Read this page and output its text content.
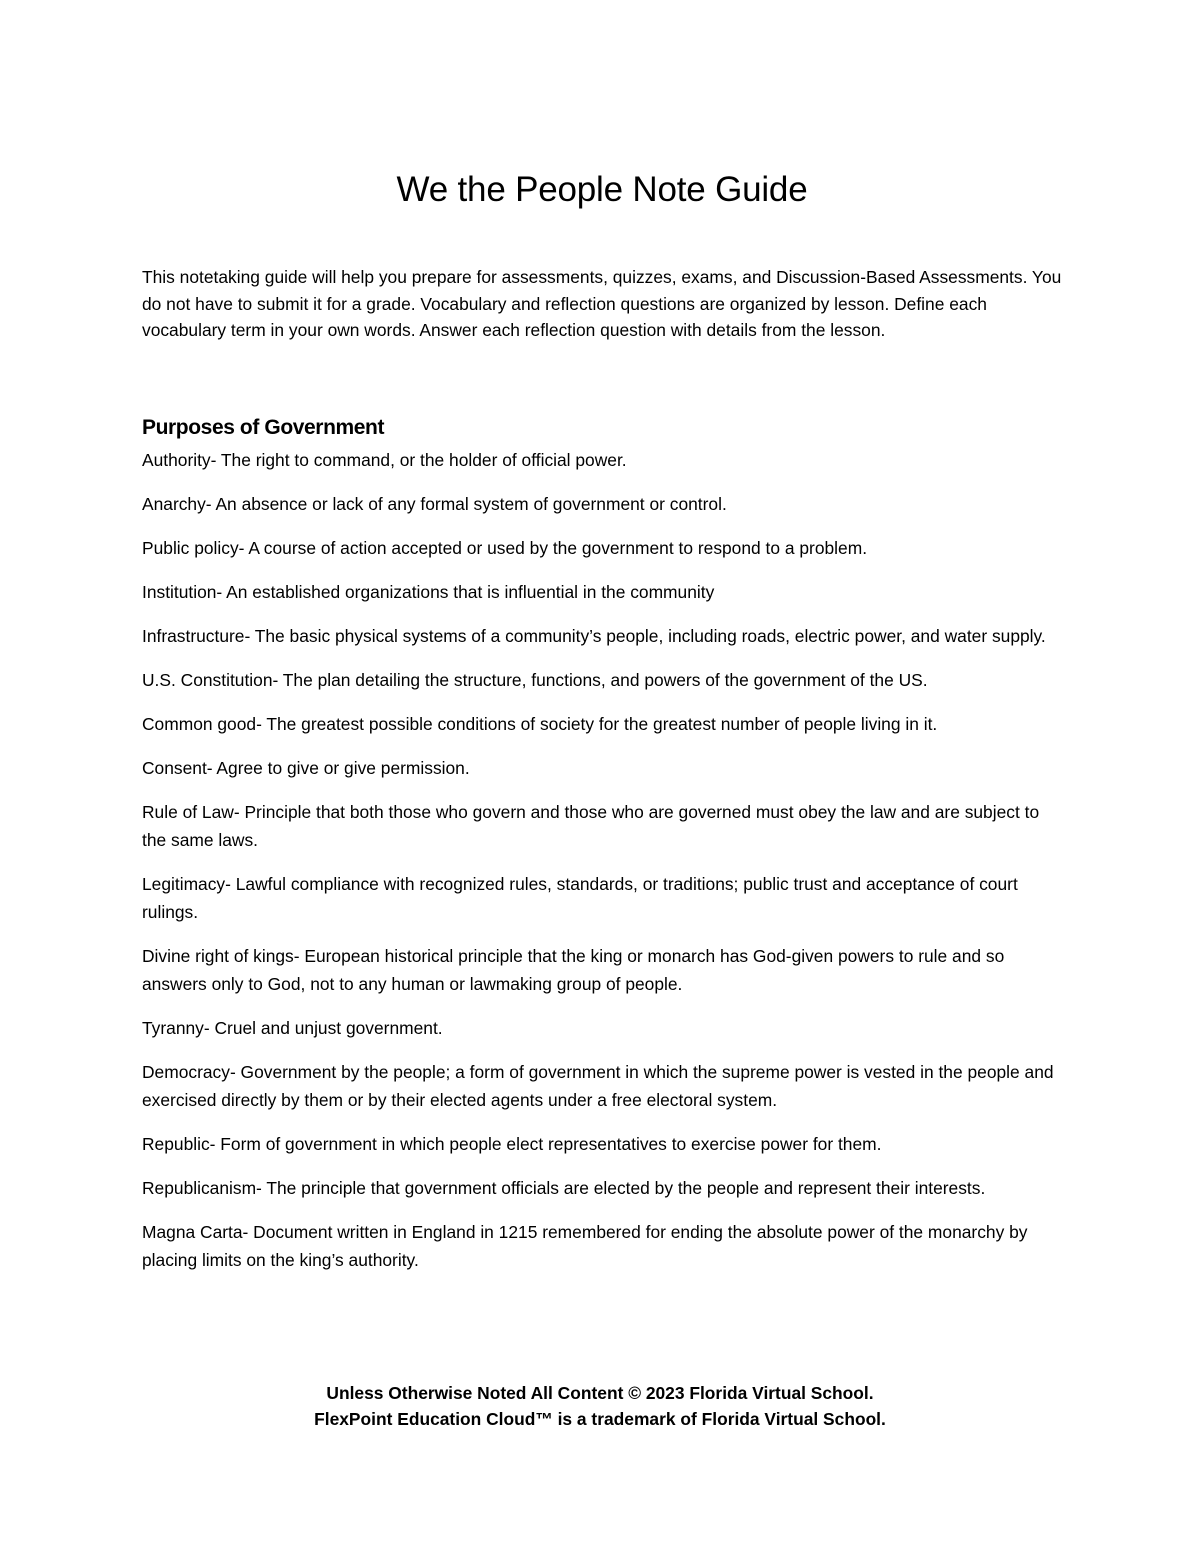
We the People Note Guide

This notetaking guide will help you prepare for assessments, quizzes, exams, and Discussion-Based Assessments. You do not have to submit it for a grade. Vocabulary and reflection questions are organized by lesson. Define each vocabulary term in your own words. Answer each reflection question with details from the lesson.

Purposes of Government
Authority- The right to command, or the holder of official power.
Anarchy- An absence or lack of any formal system of government or control.
Public policy- A course of action accepted or used by the government to respond to a problem.
Institution- An established organizations that is influential in the community
Infrastructure- The basic physical systems of a community’s people, including roads, electric power, and water supply.
U.S. Constitution- The plan detailing the structure, functions, and powers of the government of the US.
Common good- The greatest possible conditions of society for the greatest number of people living in it.
Consent- Agree to give or give permission.
Rule of Law- Principle that both those who govern and those who are governed must obey the law and are subject to the same laws.
Legitimacy- Lawful compliance with recognized rules, standards, or traditions; public trust and acceptance of court rulings.
Divine right of kings- European historical principle that the king or monarch has God-given powers to rule and so answers only to God, not to any human or lawmaking group of people.
Tyranny- Cruel and unjust government.
Democracy- Government by the people; a form of government in which the supreme power is vested in the people and exercised directly by them or by their elected agents under a free electoral system.
Republic- Form of government in which people elect representatives to exercise power for them.
Republicanism- The principle that government officials are elected by the people and represent their interests.
Magna Carta- Document written in England in 1215 remembered for ending the absolute power of the monarchy by placing limits on the king’s authority.
Unless Otherwise Noted All Content © 2023 Florida Virtual School.
FlexPoint Education Cloud™ is a trademark of Florida Virtual School.
